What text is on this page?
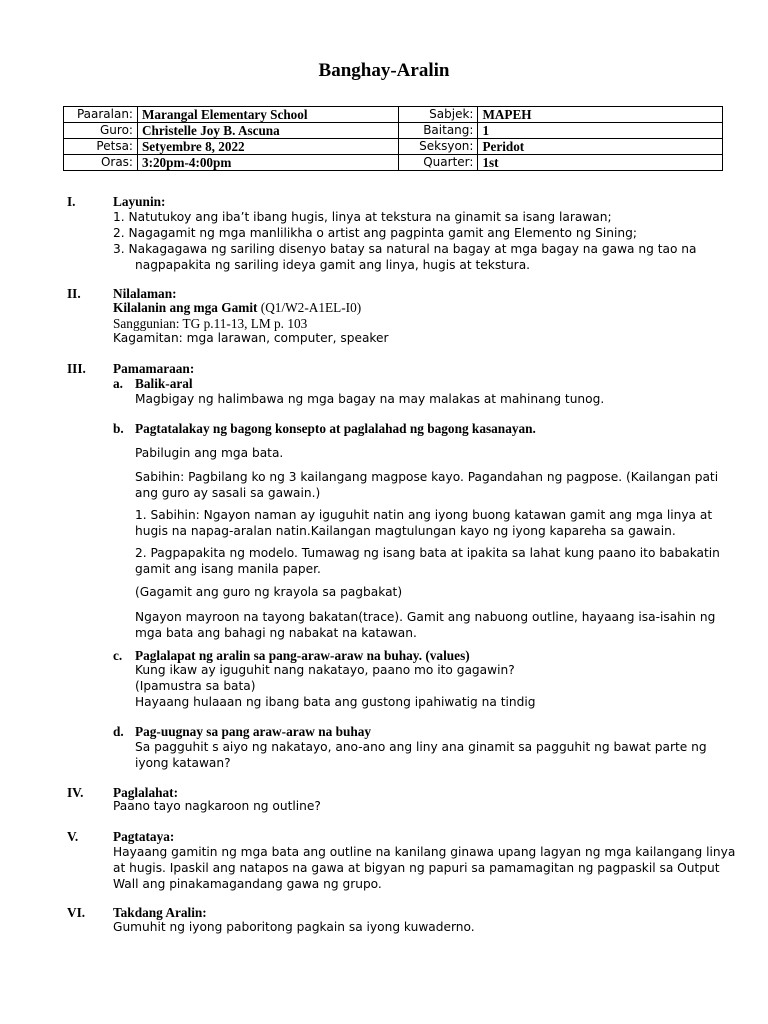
Banghay-Aralin
Paaralan:	Marangal Elementary School	Sabjek:	MAPEH
Guro:	Christelle Joy B. Ascuna	Baitang:	1
Petsa:	Setyembre 8, 2022	Seksyon:	Peridot
Oras:	3:20pm-4:00pm	Quarter:	1st
I.	Layunin:
1. Natutukoy ang iba’t ibang hugis, linya at tekstura na ginamit sa isang larawan;
2. Nagagamit ng mga manlilikha o artist ang pagpinta gamit ang Elemento ng Sining;
3. Nakagagawa ng sariling disenyo batay sa natural na bagay at mga bagay na gawa ng tao na
nagpapakita ng sariling ideya gamit ang linya, hugis at tekstura.
II. Nilalaman:
Kilalanin ang mga Gamit (Q1/W2-A1EL-I0)
Sanggunian: TG p.11-13, LM p. 103
Kagamitan: mga larawan, computer, speaker
III. Pamamaraan:
a. Balik-aral
Magbigay ng halimbawa ng mga bagay na may malakas at mahinang tunog.
b. Pagtatalakay ng bagong konsepto at paglalahad ng bagong kasanayan.
Pabilugin ang mga bata.
Sabihin: Pagbilang ko ng 3 kailangang magpose kayo. Pagandahan ng pagpose. (Kailangan pati
ang guro ay sasali sa gawain.)
1. Sabihin: Ngayon naman ay iguguhit natin ang iyong buong katawan gamit ang mga linya at
hugis na napag-aralan natin.Kailangan magtulungan kayo ng iyong kapareha sa gawain.
2. Pagpapakita ng modelo. Tumawag ng isang bata at ipakita sa lahat kung paano ito babakatin
gamit ang isang manila paper.
(Gagamit ang guro ng krayola sa pagbakat)
Ngayon mayroon na tayong bakatan(trace). Gamit ang nabuong outline, hayaang isa-isahin ng
mga bata ang bahagi ng nabakat na katawan.
c. Paglalapat ng aralin sa pang-araw-araw na buhay. (values)
Kung ikaw ay iguguhit nang nakatayo, paano mo ito gagawin?
(Ipamustra sa bata)
Hayaang hulaaan ng ibang bata ang gustong ipahiwatig na tindig
d. Pag-uugnay sa pang araw-araw na buhay
Sa pagguhit s aiyo ng nakatayo, ano-ano ang liny ana ginamit sa pagguhit ng bawat parte ng
iyong katawan?
IV. Paglalahat:
Paano tayo nagkaroon ng outline?
V.	Pagtataya:
Hayaang gamitin ng mga bata ang outline na kanilang ginawa upang lagyan ng mga kailangang linya
at hugis. Ipaskil ang natapos na gawa at bigyan ng papuri sa pamamagitan ng pagpaskil sa Output
Wall ang pinakamagandang gawa ng grupo.
VI. Takdang Aralin:
Gumuhit ng iyong paboritong pagkain sa iyong kuwaderno.
